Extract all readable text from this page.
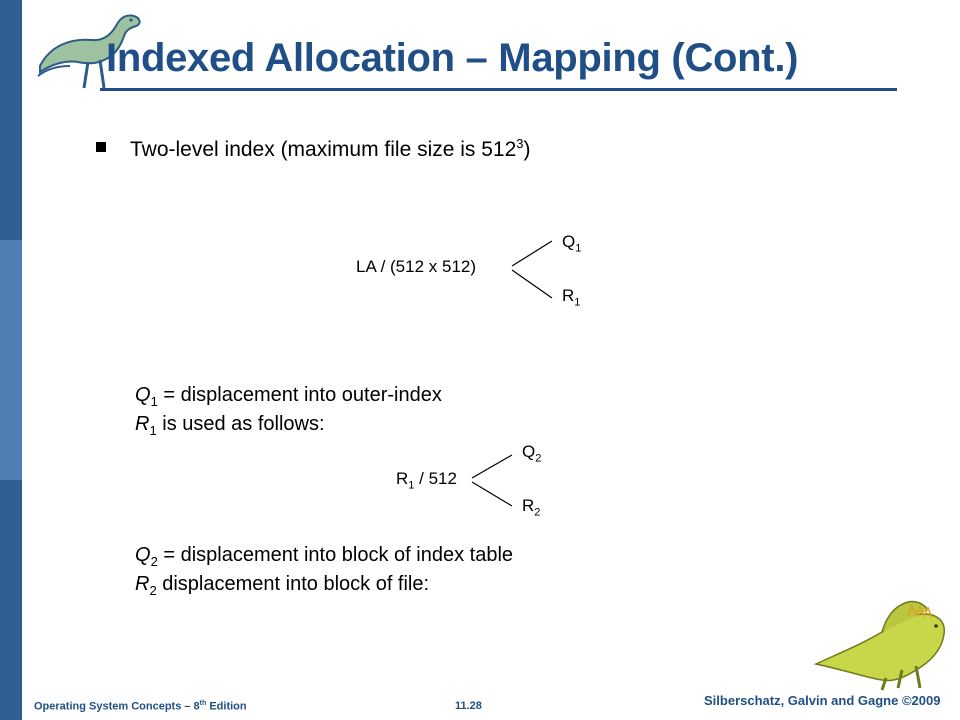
Indexed Allocation – Mapping (Cont.)
Two-level index (maximum file size is $512^3$)
LA / (512 x 512)
$Q_1$
$R_1$
$Q_1$ = displacement into outer-index
$R_1$ is used as follows:
$R_1 / 512$
$Q_2$
$R_2$
$Q_2$ = displacement into block of index table
$R_2$ displacement into block of file:
Operating System Concepts – 8th Edition	11.28	Silberschatz, Galvin and Gagne ©2009
